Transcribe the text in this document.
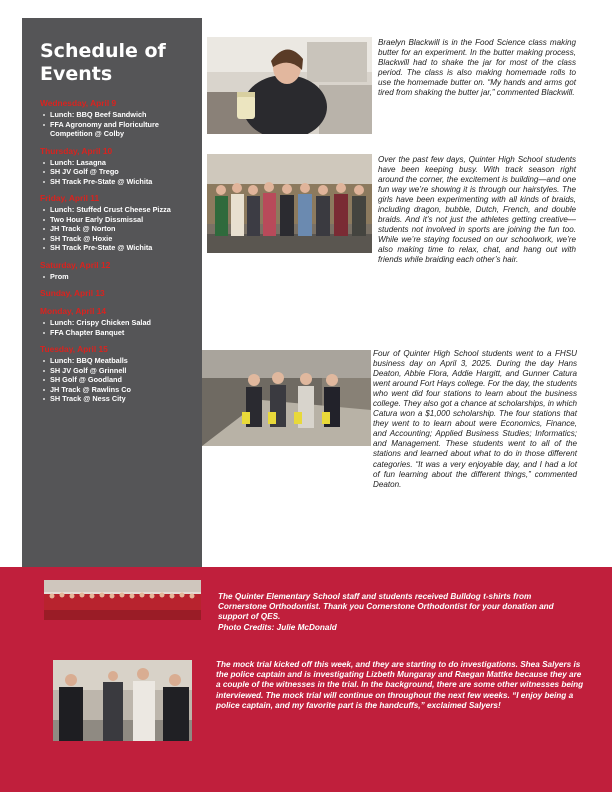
Schedule of Events
Wednesday, April 9
Lunch: BBQ Beef Sandwich
FFA Agronomy and Floriculture Competition @ Colby
Thursday, April 10
Lunch: Lasagna
SH JV Golf @ Trego
SH Track Pre-State @ Wichita
Friday, April 11
Lunch: Stuffed Crust Cheese Pizza
Two Hour Early Dissmissal
JH Track @ Norton
SH Track @ Hoxie
SH Track Pre-State @ Wichita
Saturday, April 12
Prom
Sunday, April 13
Monday, April 14
Lunch: Crispy Chicken Salad
FFA Chapter Banquet
Tuesday, April 15
Lunch: BBQ Meatballs
SH JV Golf @ Grinnell
SH Golf @ Goodland
JH Track @ Rawlins Co
SH Track @ Ness City
Braelyn Blackwill is in the Food Science class making butter for an experiment. In the butter making process, Blackwill had to shake the jar for most of the class period. The class is also making homemade rolls to use the homemade butter on. “My hands and arms got tired from shaking the butter jar,” commented Blackwill.
Over the past few days, Quinter High School students have been keeping busy. With track season right around the corner, the excitement is building—and one fun way we’re showing it is through our hairstyles. The girls have been experimenting with all kinds of braids, including dragon, bubble, Dutch, French, and double braids. And it’s not just the athletes getting creative—students not involved in sports are joining the fun too. While we’re staying focused on our schoolwork, we’re also making time to relax, chat, and hang out with friends while braiding each other’s hair.
Four of Quinter High School students went to a FHSU business day on April 3, 2025. During the day Hans Deaton, Abbie Flora, Addie Hargitt, and Gunner Catura went around Fort Hays college. For the day, the students who went did four stations to learn about the business college. They also got a chance at scholarships, in which Catura won a $1,000 scholarship. The four stations that they went to to learn about were Economics, Finance, and Accounting; Applied Business Studies; Informatics; and Management. These students went to all of the stations and learned about what to do in those different categories. “It was a very enjoyable day, and I had a lot of fun learning about the different things,” commented Deaton.
The Quinter Elementary School staff and students received Bulldog t-shirts from Cornerstone Orthodontist. Thank you Cornerstone Orthodontist for your donation and support of QES.
Photo Credits: Julie McDonald
The mock trial kicked off this week, and they are starting to do investigations. Shea Salyers is the police captain and is investigating Lizbeth Mungaray and Raegan Mattke because they are a couple of the witnesses in the trial. In the background, there are some other witnesses being interviewed. The mock trial will continue on throughout the next few weeks. “I enjoy being a police captain, and my favorite part is the handcuffs,” exclaimed Salyers!
